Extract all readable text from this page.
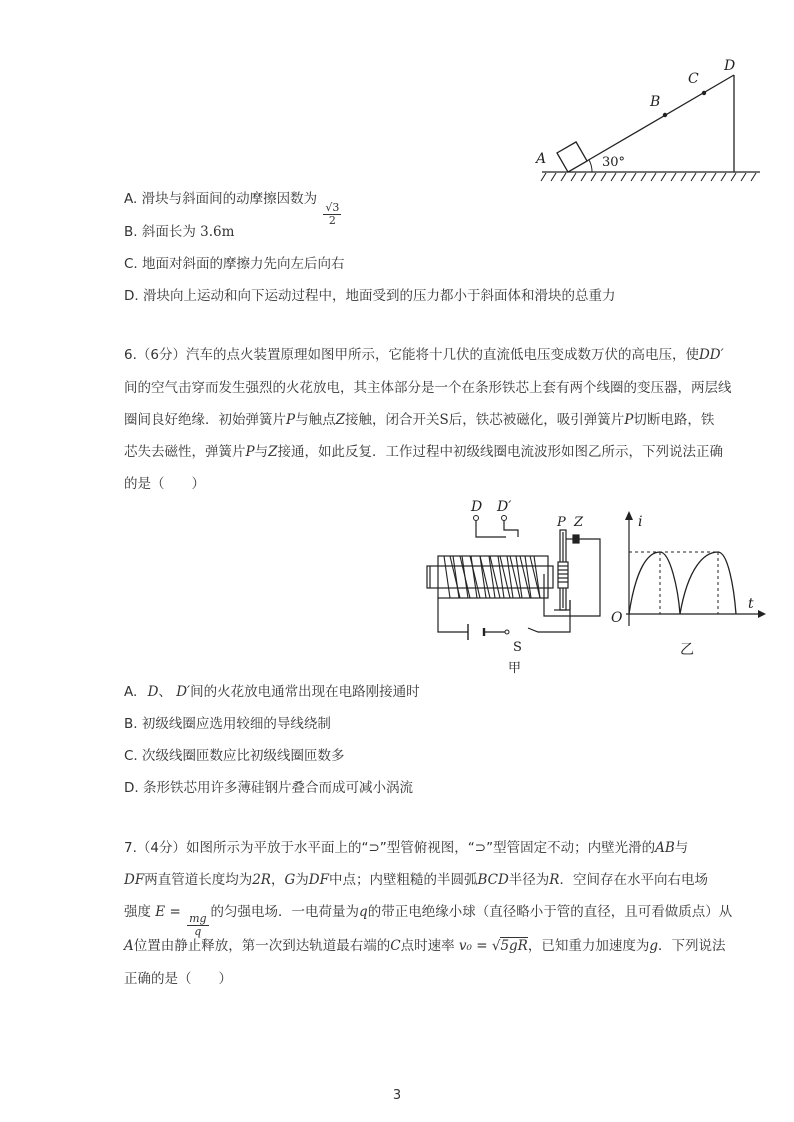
A
B
C
D
30°
A. 滑块与斜面间的动摩擦因数为
$\frac{√3}{2}$
B. 斜面长为 3.6m
C. 地面对斜面的摩擦力先向左后向右
D. 滑块向上运动和向下运动过程中，地面受到的压力都小于斜面体和滑块的总重力
6.（6分）汽车的点火装置原理如图甲所示，它能将十几伏的直流低电压变成数万伏的高电压，使DD′
间的空气击穿而发生强烈的火花放电，其主体部分是一个在条形铁芯上套有两个线圈的变压器，两层线
圈间良好绝缘．初始弹簧片P与触点Z接触，闭合开关S后，铁芯被磁化，吸引弹簧片P切断电路，铁
芯失去磁性，弹簧片P与Z接通，如此反复．工作过程中初级线圈电流波形如图乙所示，下列说法正确
的是（　　）
D D′
S
甲
P Z	i
t
O
乙
A. D、 D′间的火花放电通常出现在电路刚接通时
B. 初级线圈应选用较细的导线绕制
C. 次级线圈匝数应比初级线圈匝数多
D. 条形铁芯用许多薄硅钢片叠合而成可减小涡流
7.（4分）如图所示为平放于水平面上的“⊃”型管俯视图，“⊃”型管固定不动；内壁光滑的AB与
DF两直管道长度均为2R，G为DF中点；内壁粗糙的半圆弧BCD半径为R．空间存在水平向右电场
强度 E =
$\frac{mg}{q}$
的匀强电场．一电荷量为q的带正电绝缘小球（直径略小于管的直径，且可看做质点）从
A位置由静止释放，第一次到达轨道最右端的C点时速率 v₀ = √5gR，已知重力加速度为g．下列说法
正确的是（　　）
3
